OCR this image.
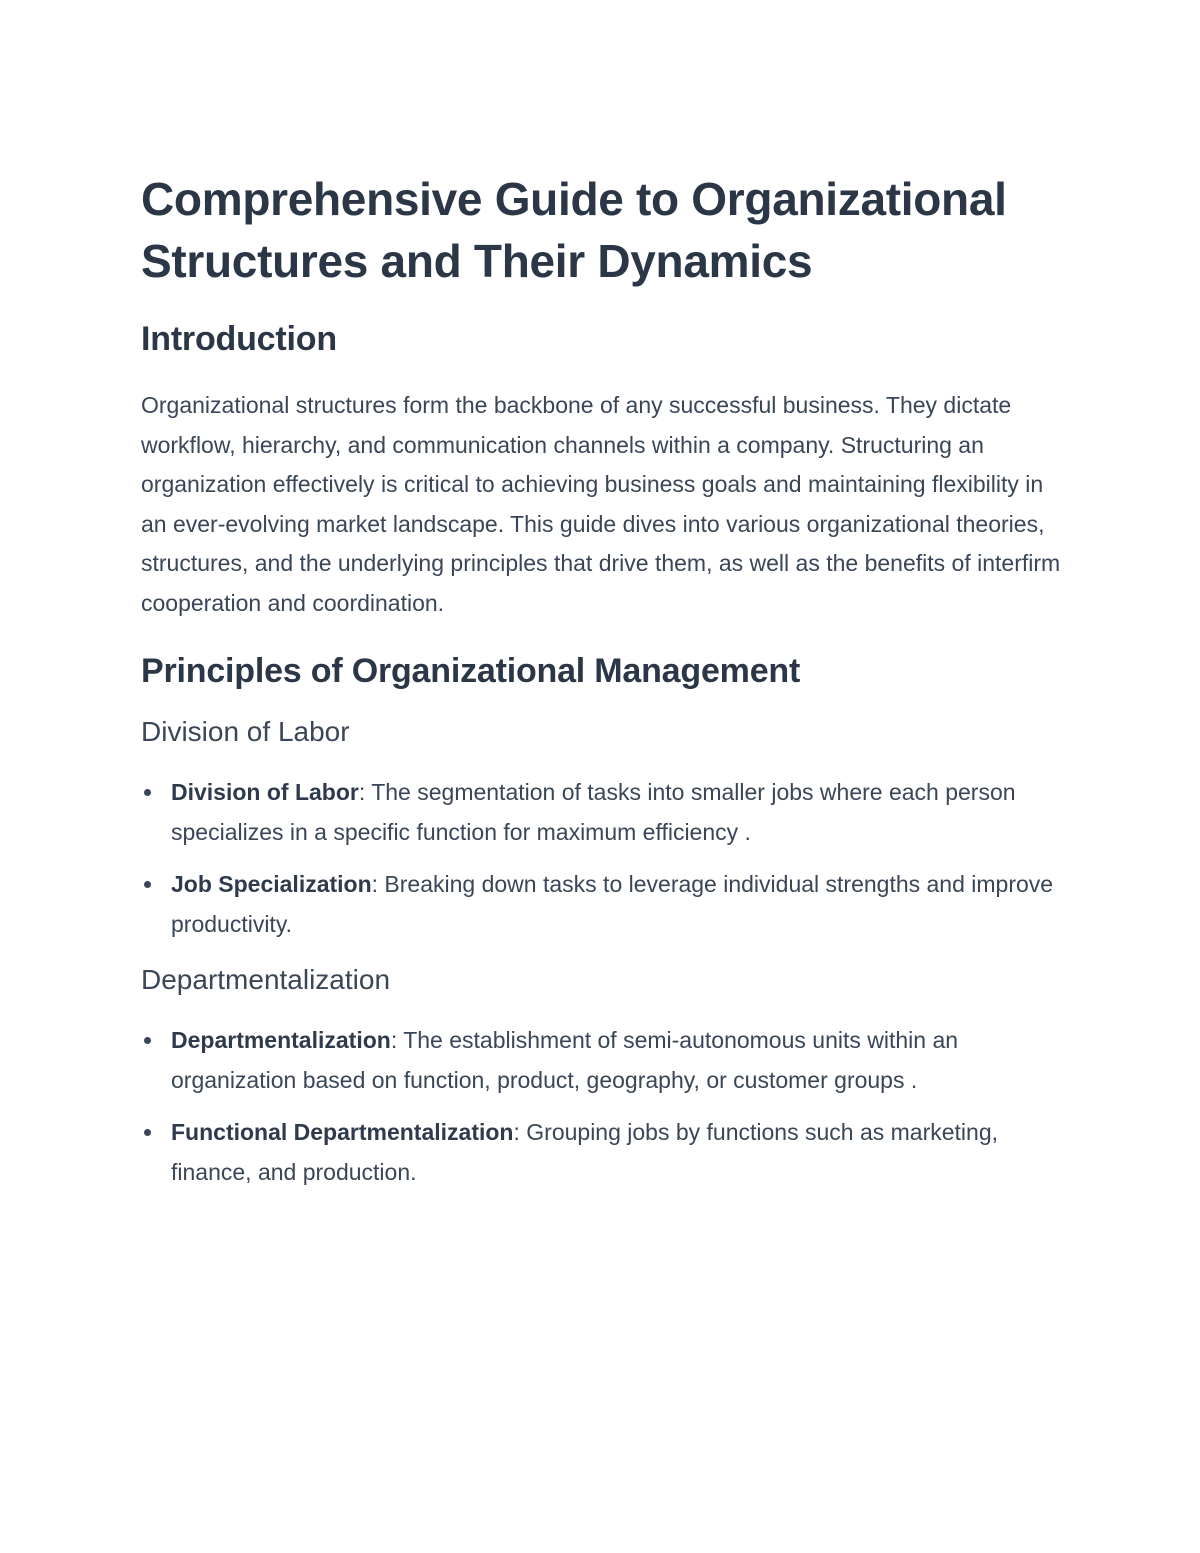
Comprehensive Guide to Organizational Structures and Their Dynamics
Introduction

Organizational structures form the backbone of any successful business. They dictate workflow, hierarchy, and communication channels within a company. Structuring an organization effectively is critical to achieving business goals and maintaining flexibility in an ever-evolving market landscape. This guide dives into various organizational theories, structures, and the underlying principles that drive them, as well as the benefits of interfirm cooperation and coordination.

Principles of Organizational Management
Division of Labor
Division of Labor: The segmentation of tasks into smaller jobs where each person specializes in a specific function for maximum efficiency .
Job Specialization: Breaking down tasks to leverage individual strengths and improve productivity.
Departmentalization
Departmentalization: The establishment of semi-autonomous units within an organization based on function, product, geography, or customer groups .
Functional Departmentalization: Grouping jobs by functions such as marketing, finance, and production.
